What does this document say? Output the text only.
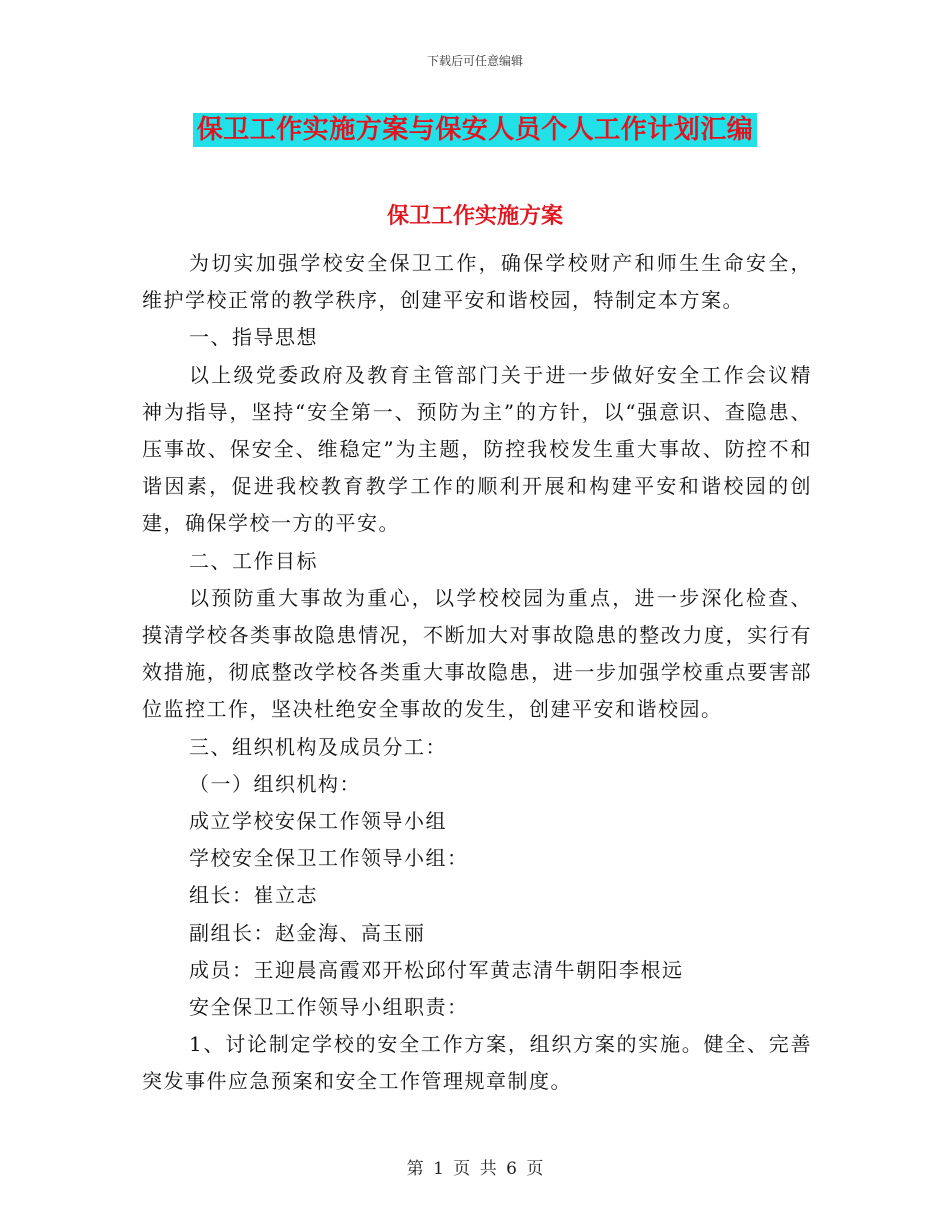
下载后可任意编辑
保卫工作实施方案与保安人员个人工作计划汇编
保卫工作实施方案

为切实加强学校安全保卫工作，确保学校财产和师生生命安全，维护学校正常的教学秩序，创建平安和谐校园，特制定本方案。

一、指导思想

以上级党委政府及教育主管部门关于进一步做好安全工作会议精神为指导，坚持“安全第一、预防为主”的方针，以“强意识、查隐患、压事故、保安全、维稳定”为主题，防控我校发生重大事故、防控不和谐因素，促进我校教育教学工作的顺利开展和构建平安和谐校园的创建，确保学校一方的平安。

二、工作目标

以预防重大事故为重心，以学校校园为重点，进一步深化检查、摸清学校各类事故隐患情况，不断加大对事故隐患的整改力度，实行有效措施，彻底整改学校各类重大事故隐患，进一步加强学校重点要害部位监控工作，坚决杜绝安全事故的发生，创建平安和谐校园。

三、组织机构及成员分工：

（一）组织机构：

成立学校安保工作领导小组

学校安全保卫工作领导小组：

组长：崔立志

副组长：赵金海、高玉丽

成员：王迎晨高霞邓开松邱付军黄志清牛朝阳李根远

安全保卫工作领导小组职责：

1、讨论制定学校的安全工作方案，组织方案的实施。健全、完善突发事件应急预案和安全工作管理规章制度。

第 1 页 共 6 页
